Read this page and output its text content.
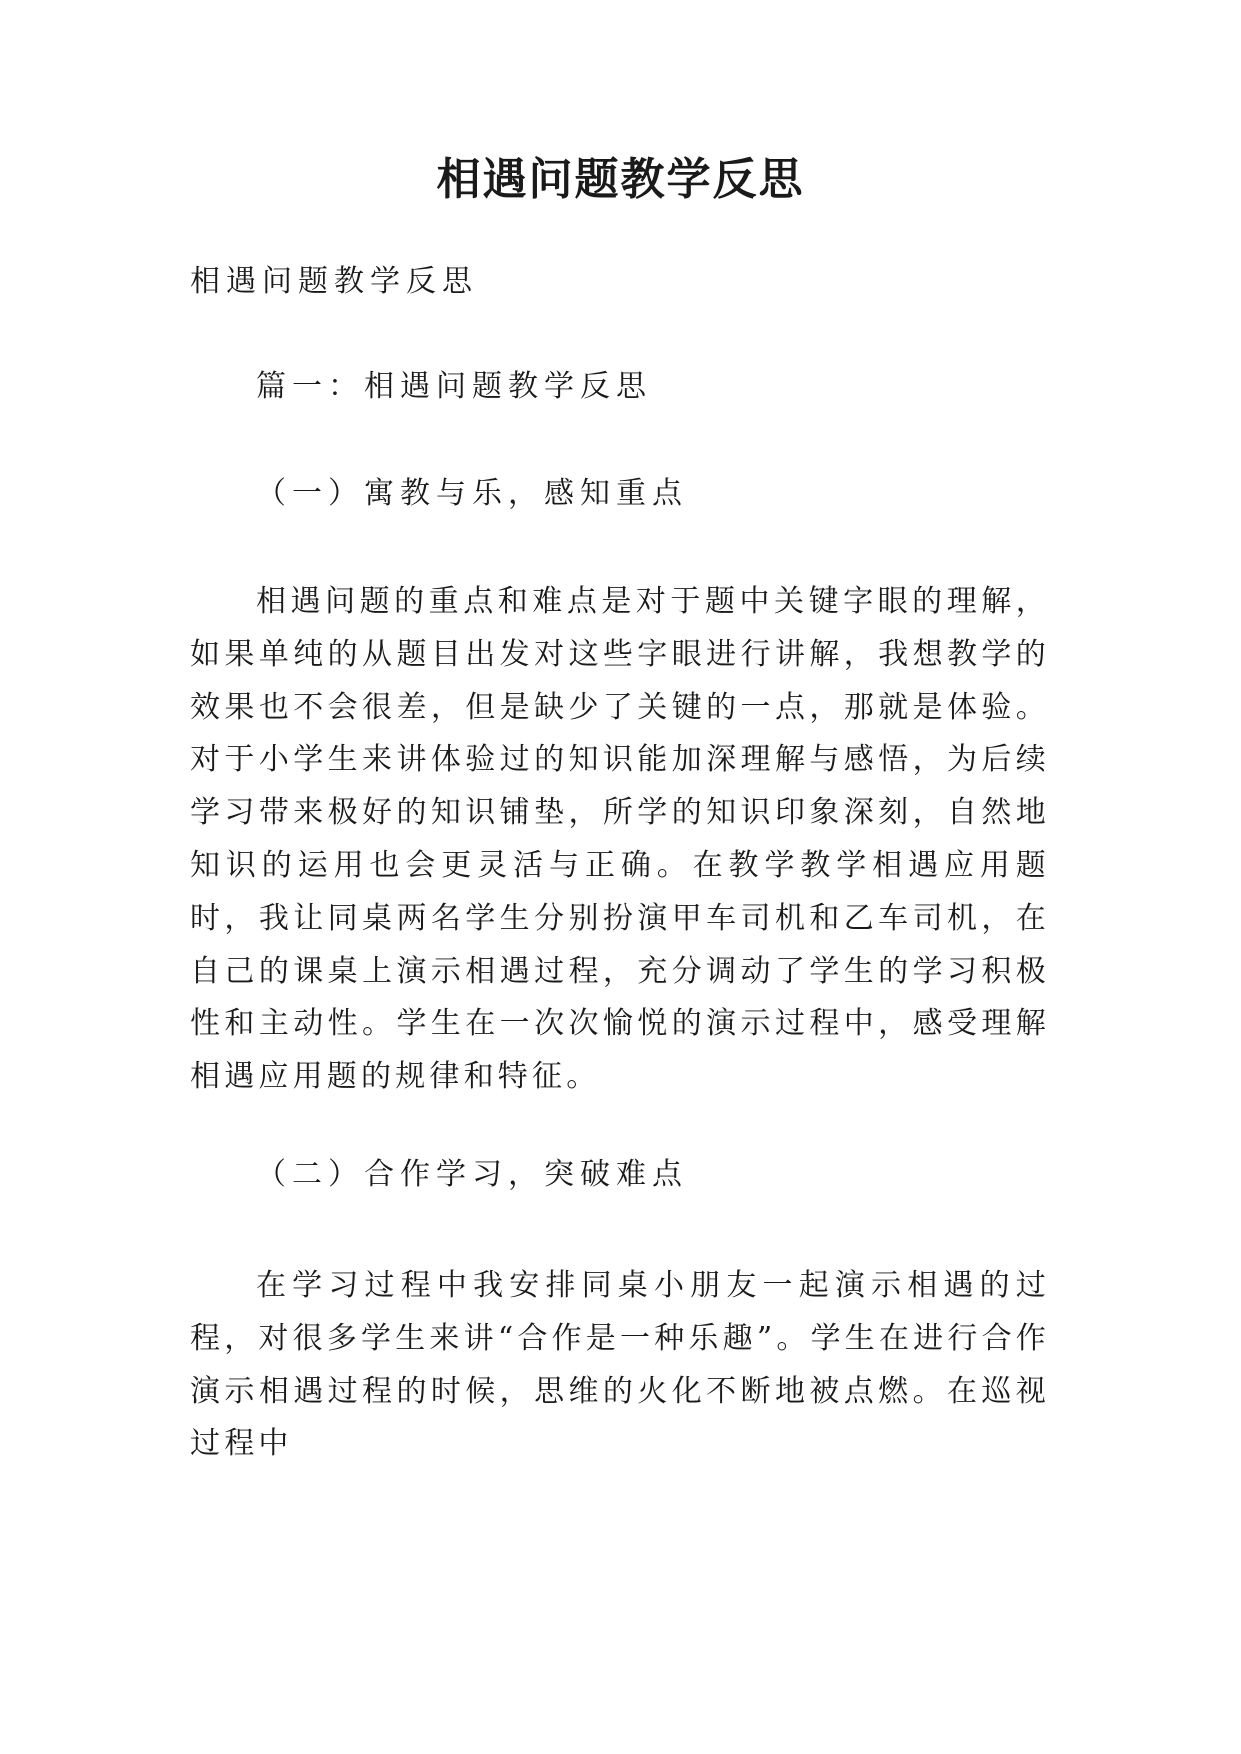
相遇问题教学反思
相遇问题教学反思
篇一：相遇问题教学反思
（一）寓教与乐，感知重点
相遇问题的重点和难点是对于题中关键字眼的理解，如果单纯的从题目出发对这些字眼进行讲解，我想教学的效果也不会很差，但是缺少了关键的一点，那就是体验。对于小学生来讲体验过的知识能加深理解与感悟，为后续学习带来极好的知识铺垫，所学的知识印象深刻，自然地知识的运用也会更灵活与正确。在教学教学相遇应用题时，我让同桌两名学生分别扮演甲车司机和乙车司机，在自己的课桌上演示相遇过程，充分调动了学生的学习积极性和主动性。学生在一次次愉悦的演示过程中，感受理解相遇应用题的规律和特征。
（二）合作学习，突破难点
在学习过程中我安排同桌小朋友一起演示相遇的过程，对很多学生来讲“合作是一种乐趣”。学生在进行合作演示相遇过程的时候，思维的火化不断地被点燃。在巡视过程中
